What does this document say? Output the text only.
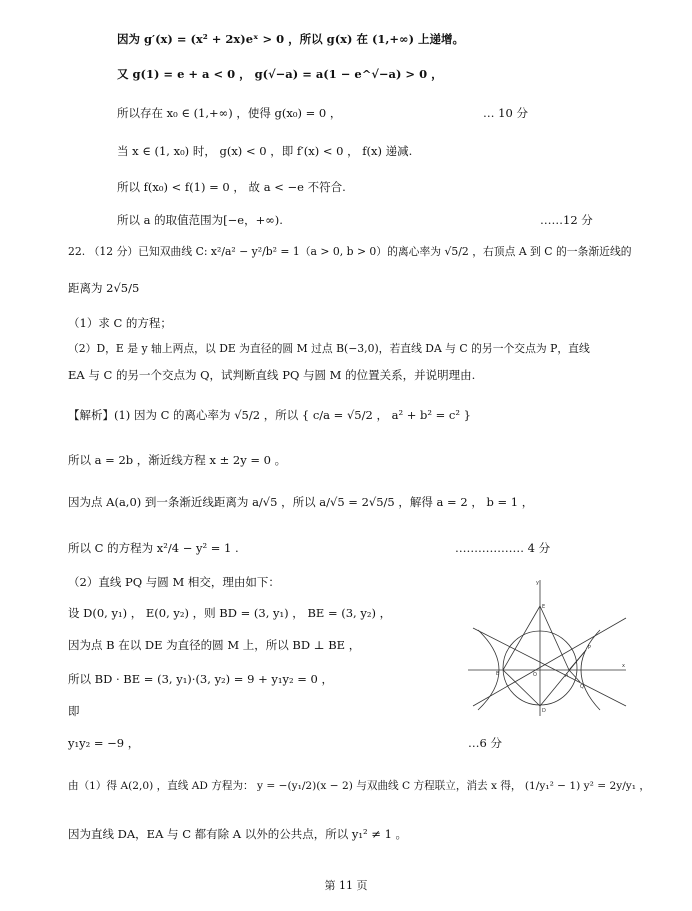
因为 g′(x) = (x² + 2x)eˣ > 0 ，所以 g(x) 在 (1,+∞) 上递增。
又 g(1) = e + a < 0 ， g(√−a) = a(1 − e^√−a) > 0 ，
所以存在 x₀ ∈ (1,+∞) ，使得 g(x₀) = 0 ，	… 10 分
当 x ∈ (1, x₀) 时， g(x) < 0 ，即 f′(x) < 0 ， f(x) 递减.
所以 f(x₀) < f(1) = 0 ， 故 a < −e 不符合.
所以 a 的取值范围为[−e，+∞).	……12 分
22. （12 分）已知双曲线 C: x²/a² − y²/b² = 1（a > 0, b > 0）的离心率为 √5/2 ，右顶点 A 到 C 的一条渐近线的
距离为 2√5/5
（1）求 C 的方程；
（2）D，E 是 y 轴上两点，以 DE 为直径的圆 M 过点 B(−3,0)，若直线 DA 与 C 的另一个交点为 P，直线
EA 与 C 的另一个交点为 Q，试判断直线 PQ 与圆 M 的位置关系，并说明理由.
【解析】(1) 因为 C 的离心率为 √5/2 ，所以 { c/a = √5/2 ， a² + b² = c² }
所以 a = 2b ，渐近线方程 x ± 2y = 0 。
因为点 A(a,0) 到一条渐近线距离为 a/√5 ，所以 a/√5 = 2√5/5 ，解得 a = 2 ， b = 1 ，
所以 C 的方程为 x²/4 − y² = 1 .	……………… 4 分
（2）直线 PQ 与圆 M 相交，理由如下：
设 D(0, y₁) ， E(0, y₂) ，则 BD = (3, y₁) ， BE = (3, y₂) ，
因为点 B 在以 DE 为直径的圆 M 上，所以 BD ⊥ BE ，
所以 BD · BE = (3, y₁)·(3, y₂) = 9 + y₁y₂ = 0 ，
即
y₁y₂ = −9 ，	…6 分
由（1）得 A(2,0) ，直线 AD 方程为： y = −(y₁/2)(x − 2) 与双曲线 C 方程联立，消去 x 得， (1/y₁² − 1) y² = 2y/y₁ ，
因为直线 DA，EA 与 C 都有除 A 以外的公共点，所以 y₁² ≠ 1 。
第 11 页
y
x
E
B	O	A
P
Q
D
